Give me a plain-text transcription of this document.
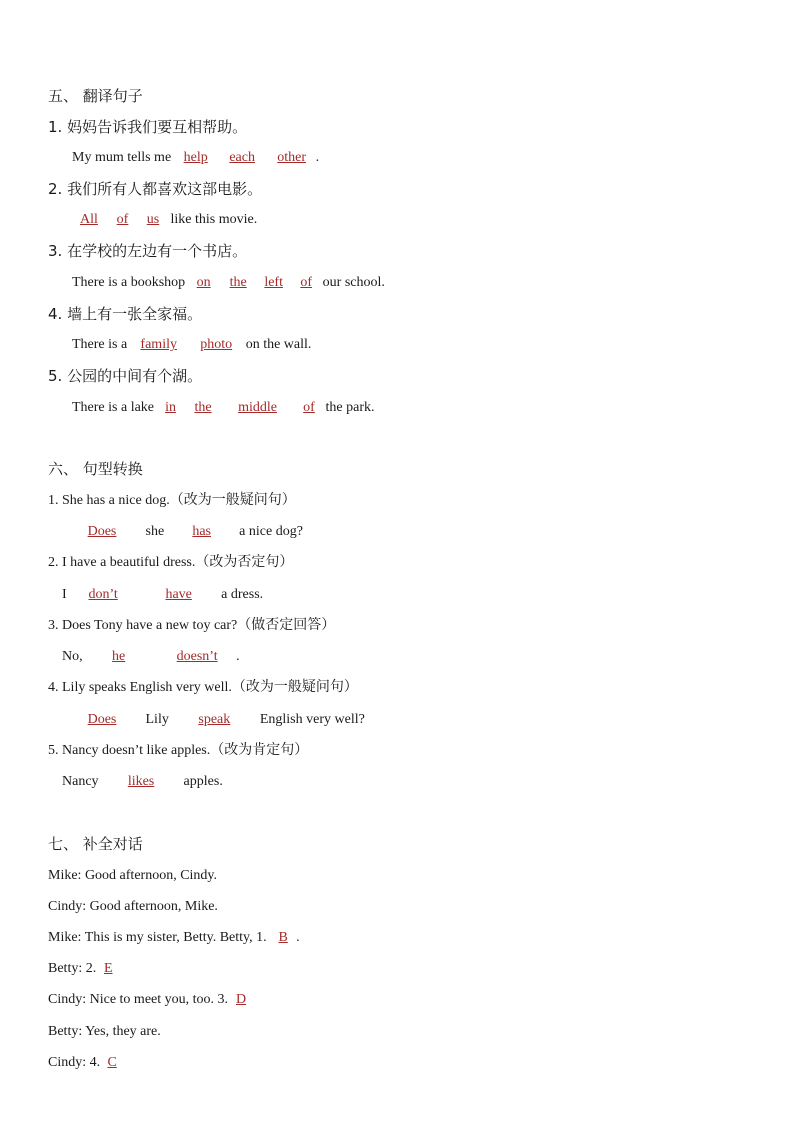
五、 翻译句子
1. 妈妈告诉我们要互相帮助。
My mum tells me help each other .
2. 我们所有人都喜欢这部电影。
All of us like this movie.
3. 在学校的左边有一个书店。
There is a bookshop on the left of our school.
4. 墙上有一张全家福。
There is a family photo on the wall.
5. 公园的中间有个湖。
There is a lake in the middle of the park.
六、 句型转换
1. She has a nice dog.（改为一般疑问句）
Does she has a nice dog?
2. I have a beautiful dress.（改为否定句）
I don’t	have a dress.
3. Does Tony have a new toy car?（做否定回答）
No, he	doesn’t .
4. Lily speaks English very well.（改为一般疑问句）
Does Lily speak English very well?
5. Nancy doesn’t like apples.（改为肯定句）
Nancy likes apples.
七、 补全对话
Mike: Good afternoon, Cindy.
Cindy: Good afternoon, Mike.
Mike: This is my sister, Betty. Betty, 1. B .
Betty: 2. E
Cindy: Nice to meet you, too. 3. D
Betty: Yes, they are.
Cindy: 4. C
